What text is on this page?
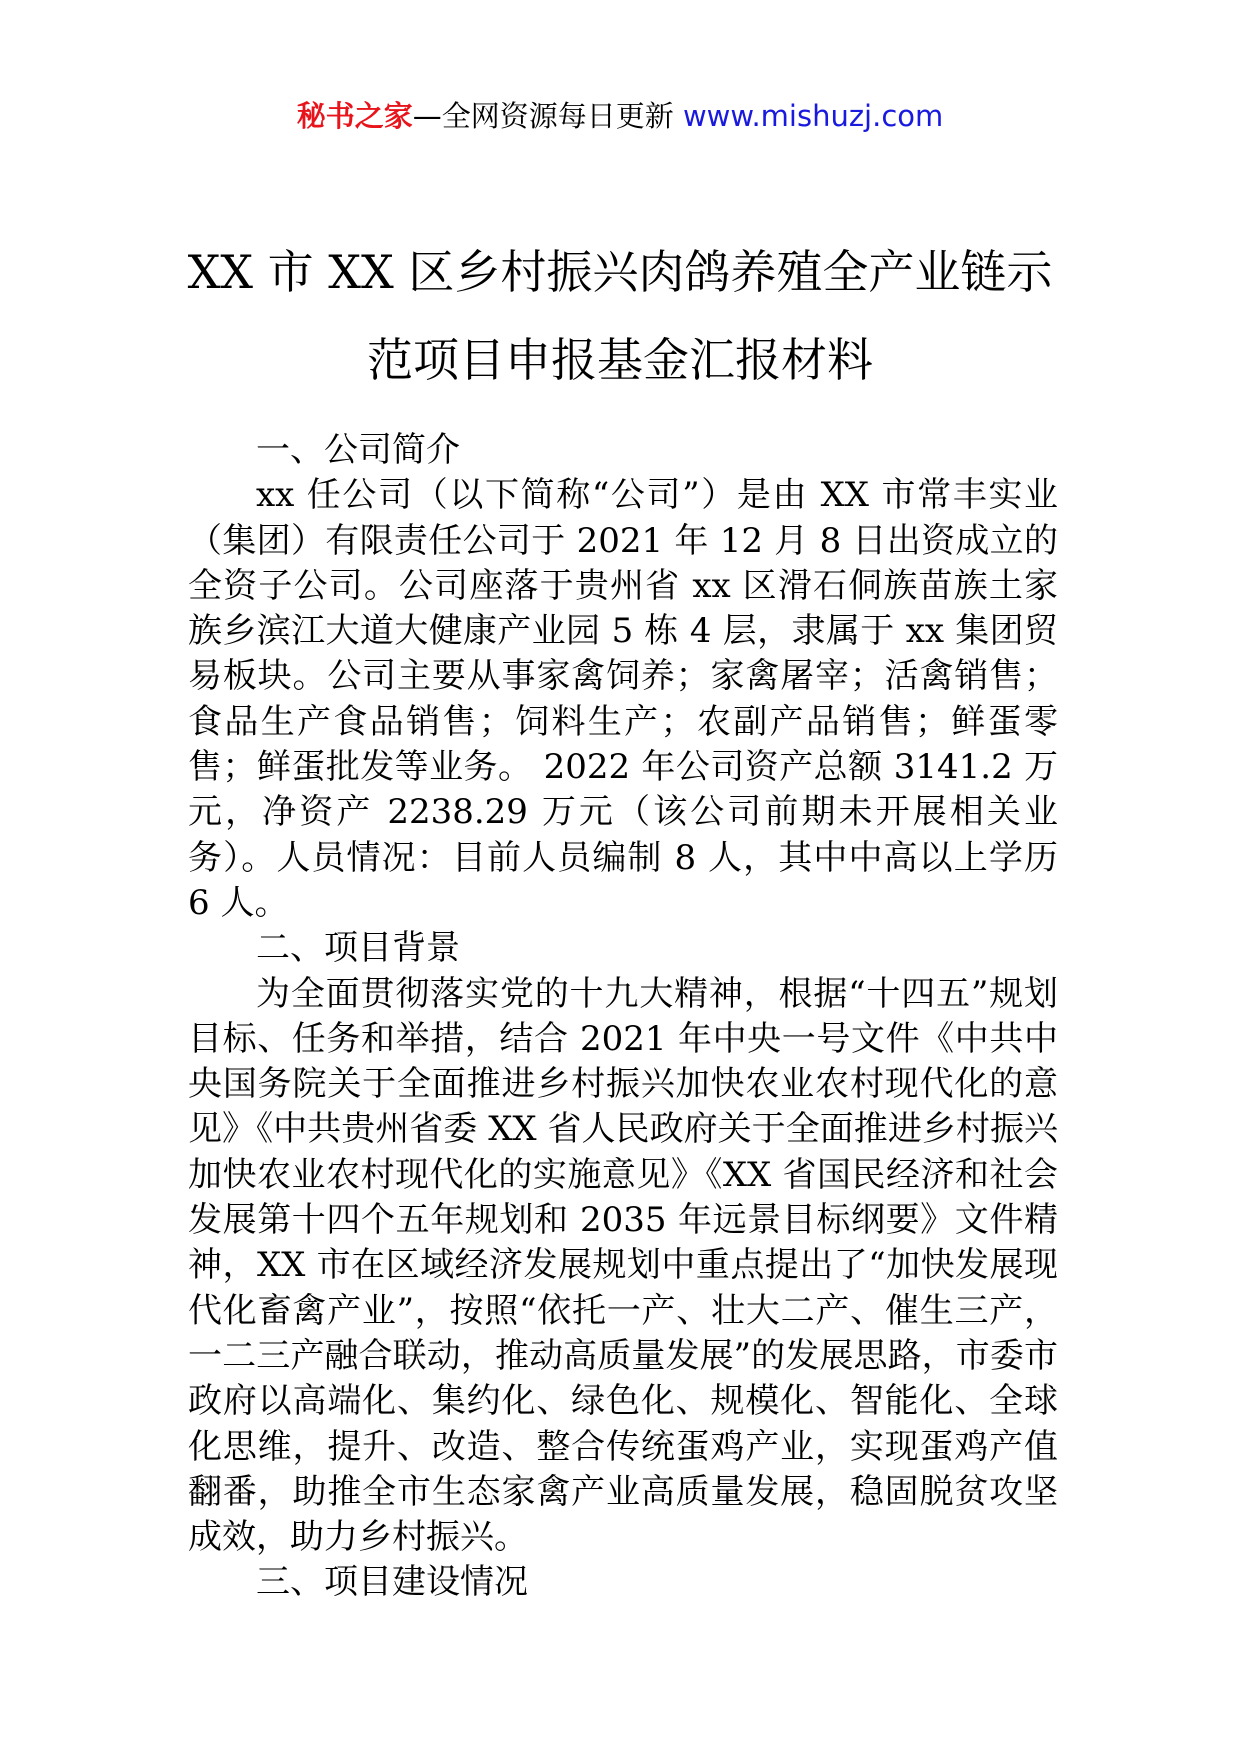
秘书之家—全网资源每日更新 www.mishuzj.com
XX 市 XX 区乡村振兴肉鸽养殖全产业链示
范项目申报基金汇报材料

一、公司简介

xx 任公司（以下简称“公司”）是由 XX 市常丰实业（集团）有限责任公司于 2021 年 12 月 8 日出资成立的全资子公司。公司座落于贵州省 xx 区滑石侗族苗族土家族乡滨江大道大健康产业园 5 栋 4 层，隶属于 xx 集团贸易板块。公司主要从事家禽饲养；家禽屠宰；活禽销售；食品生产食品销售；饲料生产；农副产品销售；鲜蛋零售；鲜蛋批发等业务。 2022 年公司资产总额 3141.2 万元，净资产 2238.29 万元（该公司前期未开展相关业务）。人员情况：目前人员编制 8 人，其中中高以上学历 6 人。

二、项目背景

为全面贯彻落实党的十九大精神，根据“十四五”规划目标、任务和举措，结合 2021 年中央一号文件《中共中央国务院关于全面推进乡村振兴加快农业农村现代化的意见》《中共贵州省委 XX 省人民政府关于全面推进乡村振兴加快农业农村现代化的实施意见》《XX 省国民经济和社会发展第十四个五年规划和 2035 年远景目标纲要》文件精神，XX 市在区域经济发展规划中重点提出了“加快发展现代化畜禽产业”，按照“依托一产、壮大二产、催生三产，一二三产融合联动，推动高质量发展”的发展思路，市委市政府以高端化、集约化、绿色化、规模化、智能化、全球化思维，提升、改造、整合传统蛋鸡产业，实现蛋鸡产值翻番，助推全市生态家禽产业高质量发展，稳固脱贫攻坚成效，助力乡村振兴。

三、项目建设情况
